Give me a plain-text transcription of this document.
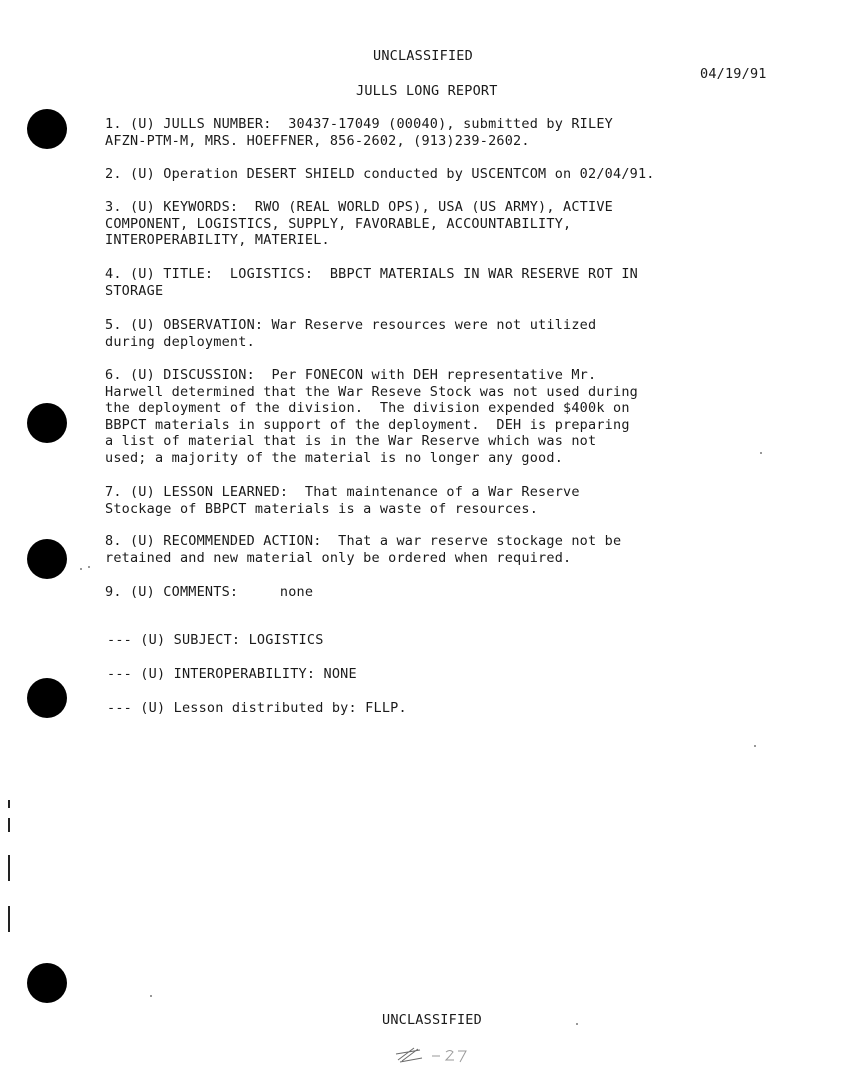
UNCLASSIFIED
04/19/91
JULLS LONG REPORT
1. (U) JULLS NUMBER:  30437-17049 (00040), submitted by RILEY
AFZN-PTM-M, MRS. HOEFFNER, 856-2602, (913)239-2602.
2. (U) Operation DESERT SHIELD conducted by USCENTCOM on 02/04/91.
3. (U) KEYWORDS:  RWO (REAL WORLD OPS), USA (US ARMY), ACTIVE
COMPONENT, LOGISTICS, SUPPLY, FAVORABLE, ACCOUNTABILITY,
INTEROPERABILITY, MATERIEL.
4. (U) TITLE:  LOGISTICS:  BBPCT MATERIALS IN WAR RESERVE ROT IN
STORAGE
5. (U) OBSERVATION: War Reserve resources were not utilized
during deployment.
6. (U) DISCUSSION:  Per FONECON with DEH representative Mr.
Harwell determined that the War Reseve Stock was not used during
the deployment of the division.  The division expended $400k on
BBPCT materials in support of the deployment.  DEH is preparing
a list of material that is in the War Reserve which was not
used; a majority of the material is no longer any good.
7. (U) LESSON LEARNED:  That maintenance of a War Reserve
Stockage of BBPCT materials is a waste of resources.
8. (U) RECOMMENDED ACTION:  That a war reserve stockage not be
retained and new material only be ordered when required.
9. (U) COMMENTS:     none
--- (U) SUBJECT: LOGISTICS
--- (U) INTEROPERABILITY: NONE
--- (U) Lesson distributed by: FLLP.
UNCLASSIFIED
